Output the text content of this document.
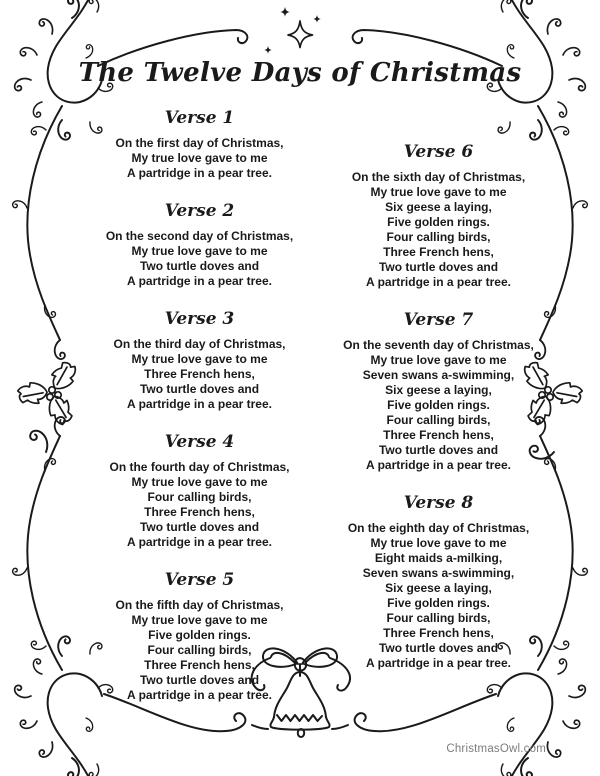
The Twelve Days of Christmas
Verse 1
On the first day of Christmas,
My true love gave to me
A partridge in a pear tree.
Verse 2
On the second day of Christmas,
My true love gave to me
Two turtle doves and
A partridge in a pear tree.
Verse 3
On the third day of Christmas,
My true love gave to me
Three French hens,
Two turtle doves and
A partridge in a pear tree.
Verse 4
On the fourth day of Christmas,
My true love gave to me
Four calling birds,
Three French hens,
Two turtle doves and
A partridge in a pear tree.
Verse 5
On the fifth day of Christmas,
My true love gave to me
Five golden rings.
Four calling birds,
Three French hens,
Two turtle doves and
A partridge in a pear tree.
Verse 6
On the sixth day of Christmas,
My true love gave to me
Six geese a laying,
Five golden rings.
Four calling birds,
Three French hens,
Two turtle doves and
A partridge in a pear tree.
Verse 7
On the seventh day of Christmas,
My true love gave to me
Seven swans a-swimming,
Six geese a laying,
Five golden rings.
Four calling birds,
Three French hens,
Two turtle doves and
A partridge in a pear tree.
Verse 8
On the eighth day of Christmas,
My true love gave to me
Eight maids a-milking,
Seven swans a-swimming,
Six geese a laying,
Five golden rings.
Four calling birds,
Three French hens,
Two turtle doves and
A partridge in a pear tree.
ChristmasOwl.com
